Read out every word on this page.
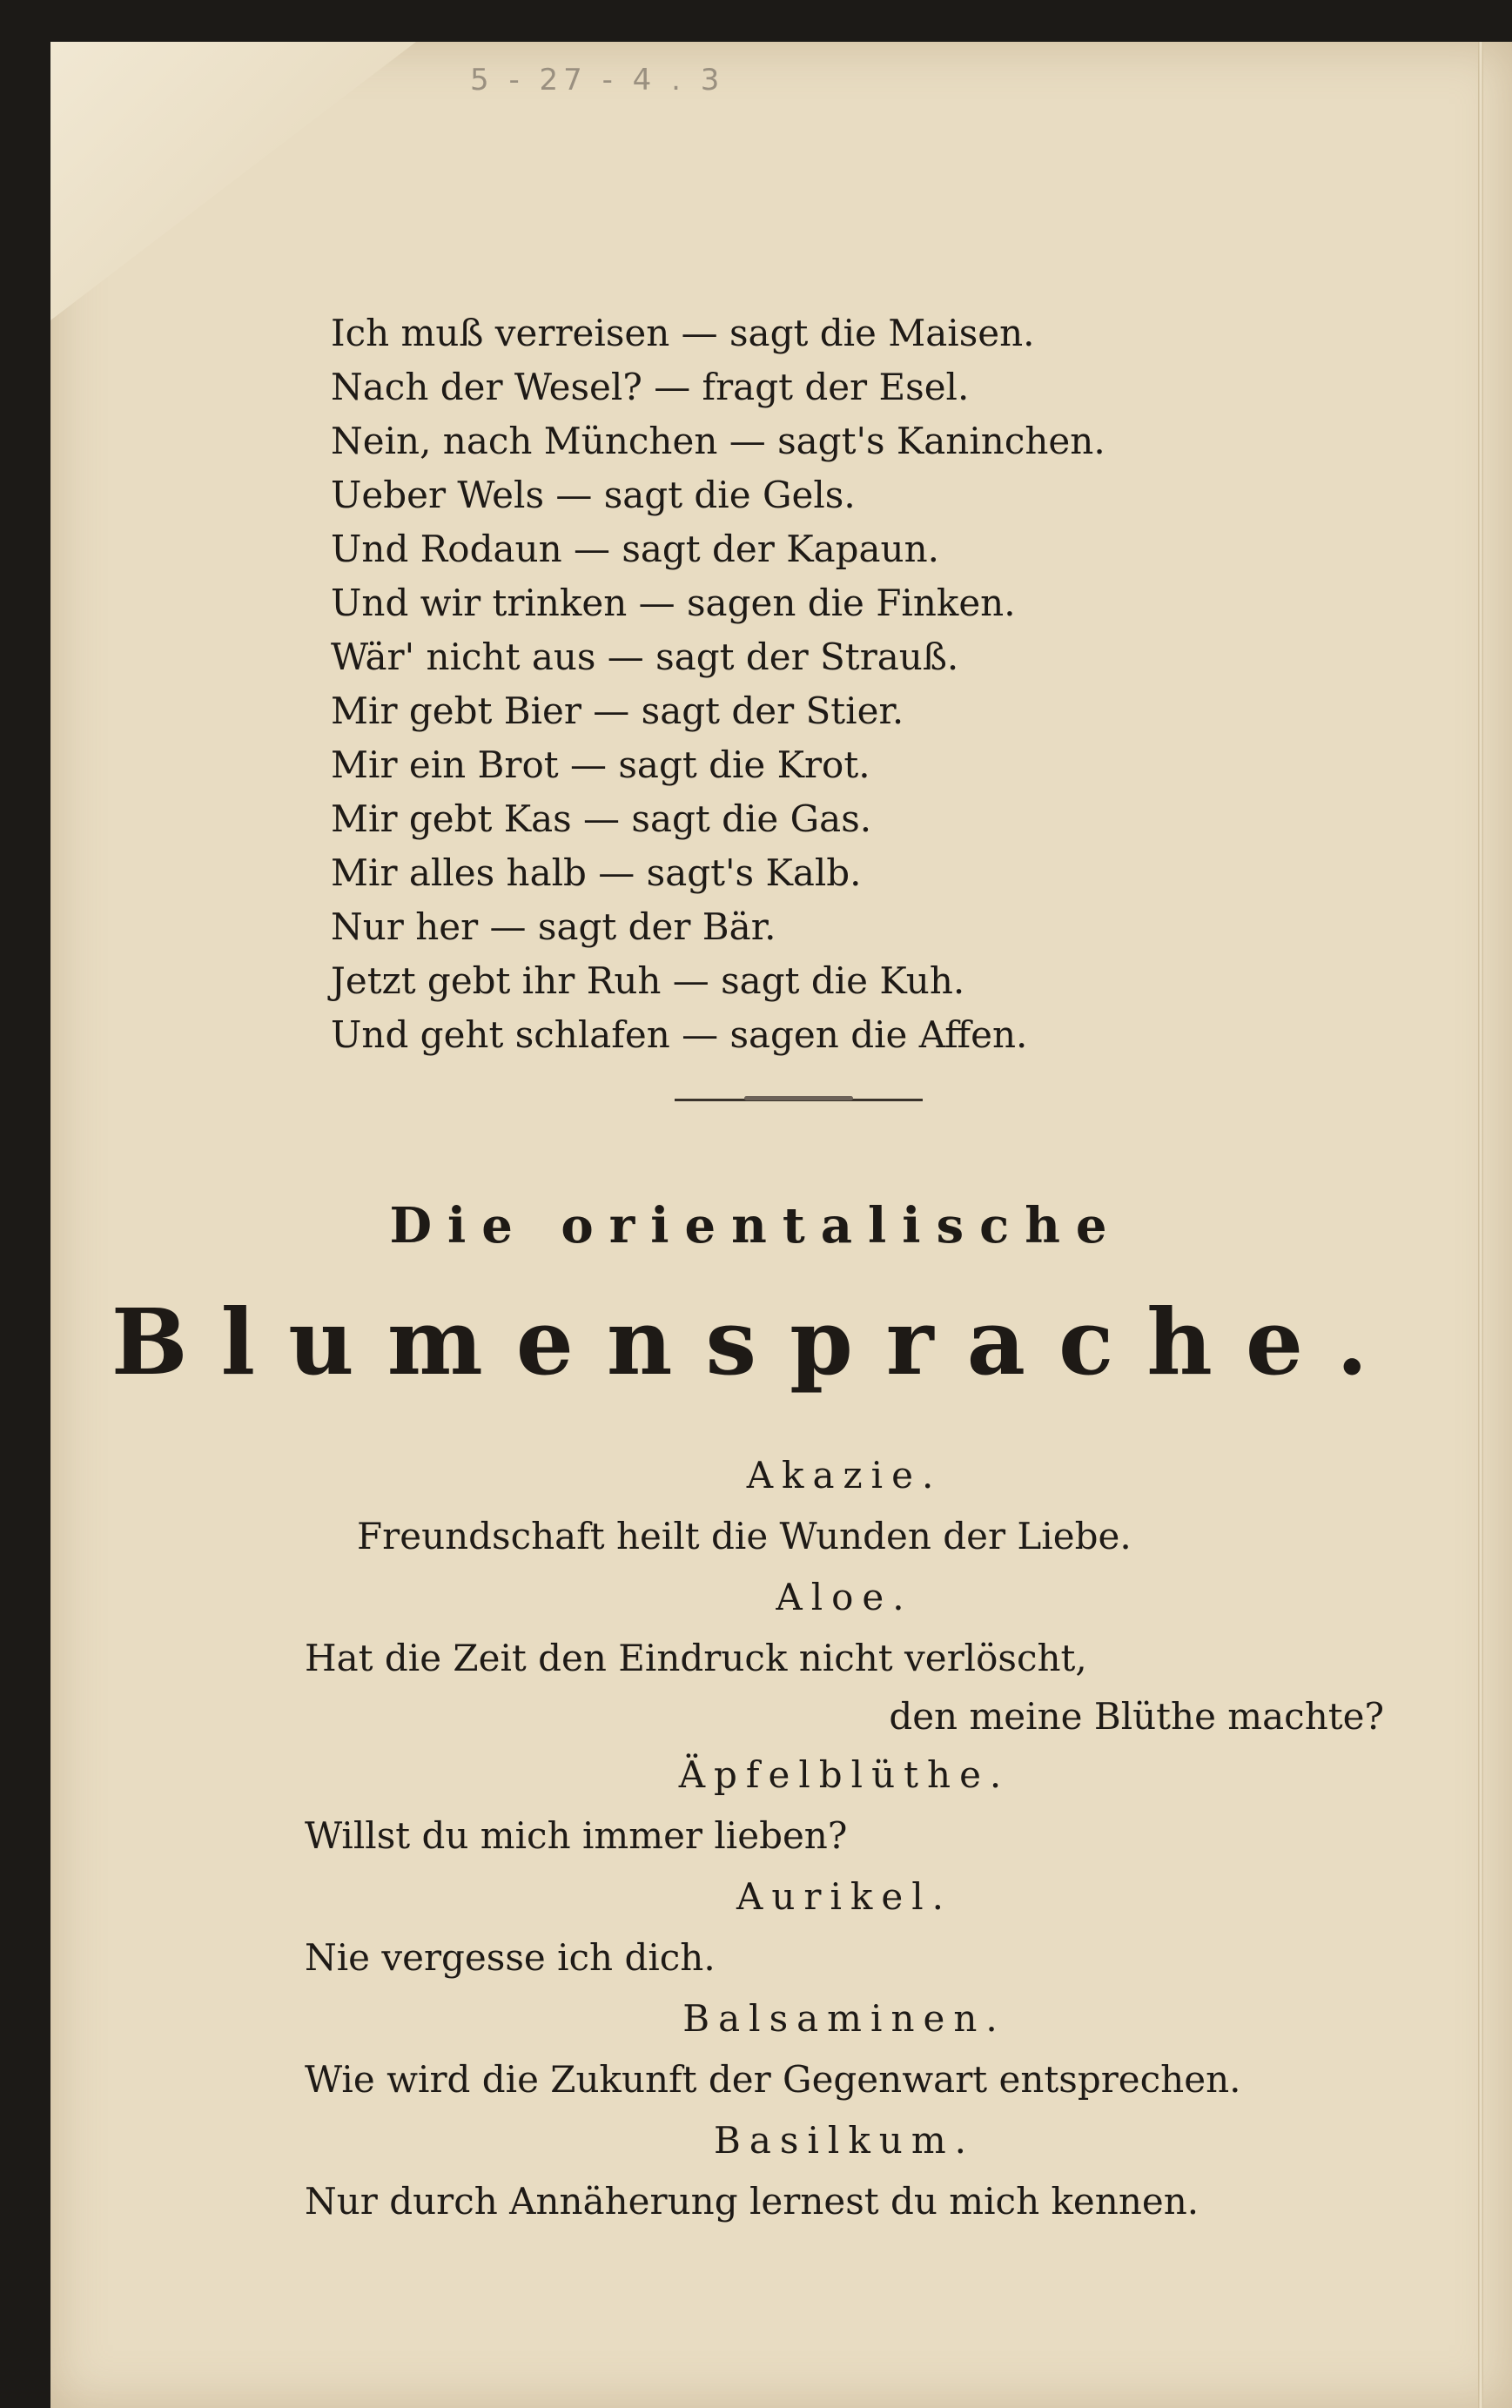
5 - 27 - 4 . 3
Ich muß verreisen — sagt die Maisen.
Nach der Wesel? — fragt der Esel.
Nein, nach München — sagt's Kaninchen.
Ueber Wels — sagt die Gels.
Und Rodaun — sagt der Kapaun.
Und wir trinken — sagen die Finken.
Wär' nicht aus — sagt der Strauß.
Mir gebt Bier — sagt der Stier.
Mir ein Brot — sagt die Krot.
Mir gebt Kas — sagt die Gas.
Mir alles halb — sagt's Kalb.
Nur her — sagt der Bär.
Jetzt gebt ihr Ruh — sagt die Kuh.
Und geht schlafen — sagen die Affen.
Die orientalische
Blumensprache.
Akazie.
Freundschaft heilt die Wunden der Liebe.
Aloe.
Hat die Zeit den Eindruck nicht verlöscht,
den meine Blüthe machte?
Äpfelblüthe.
Willst du mich immer lieben?
Aurikel.
Nie vergesse ich dich.
Balsaminen.
Wie wird die Zukunft der Gegenwart entsprechen.
Basilkum.
Nur durch Annäherung lernest du mich kennen.
